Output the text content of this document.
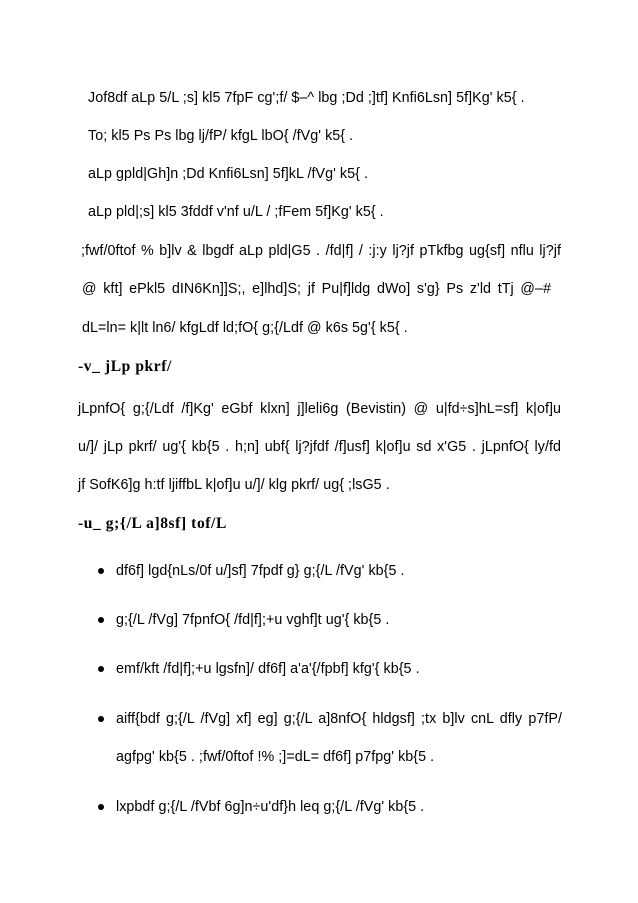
Jof8df aLp 5/L ;s] kl5 7fpF cg';f/ $–^ lbg ;Dd ;]tf] Knfi6Lsn] 5f]Kg' k5{ .
To; kl5 Ps Ps lbg lj/fP/ kfgL lbO{ /fVg' k5{ .
aLp gpld|Gh]n ;Dd Knfi6Lsn] 5f]kL /fVg' k5{ .
aLp pld|;s] kl5 3fddf v'nf u/L / ;fFem 5f]Kg' k5{ .
;fwf/0ftof % b]lv & lbgdf aLp pld|G5 . /fd|f] / :j:y lj?jf pTkfbg ug{sf] nflu lj?jf
@ kft] ePkl5 dIN6Kn]]S;, e]lhd]S; jf Pu|f]ldg dWo] s'g} Ps z'ld tTj @–#
dL=ln= k|lt ln6/ kfgLdf ld;fO{ g;{/Ldf @ k6s 5g'{ k5{ .
-v_ jLp pkrf/
jLpnfO{ g;{/Ldf /f]Kg' eGbf klxn] j]leli6g (Bevistin) @ u|fd÷s]hL=sf] k|of]u
u/]/ jLp pkrf/ ug'{ kb{5 . h;n] ubf{ lj?jfdf /f]usf] k|of]u sd x'G5 . jLpnfO{ ly/fd
jf SofK6]g h:tf ljiffbL k|of]u u/]/ klg pkrf/ ug{ ;lsG5 .
-u_ g;{/L a]8sf] tof/L
df6f] lgd{nLs/0f u/]sf] 7fpdf g} g;{/L /fVg' kb{5 .
g;{/L /fVg] 7fpnfO{ /fd|f];+u vghf]t ug'{ kb{5 .
emf/kft /fd|f];+u lgsfn]/ df6f] a'a'{/fpbf] kfg'{ kb{5 .
aiff{bdf g;{/L /fVg] xf] eg] g;{/L a]8nfO{ hldgsf] ;tx b]lv cnL dfly p7fP/
agfpg' kb{5 . ;fwf/0ftof !% ;]=dL= df6f] p7fpg' kb{5 .
lxpbdf g;{/L /fVbf 6g]n÷u'df}h leq g;{/L /fVg' kb{5 .
